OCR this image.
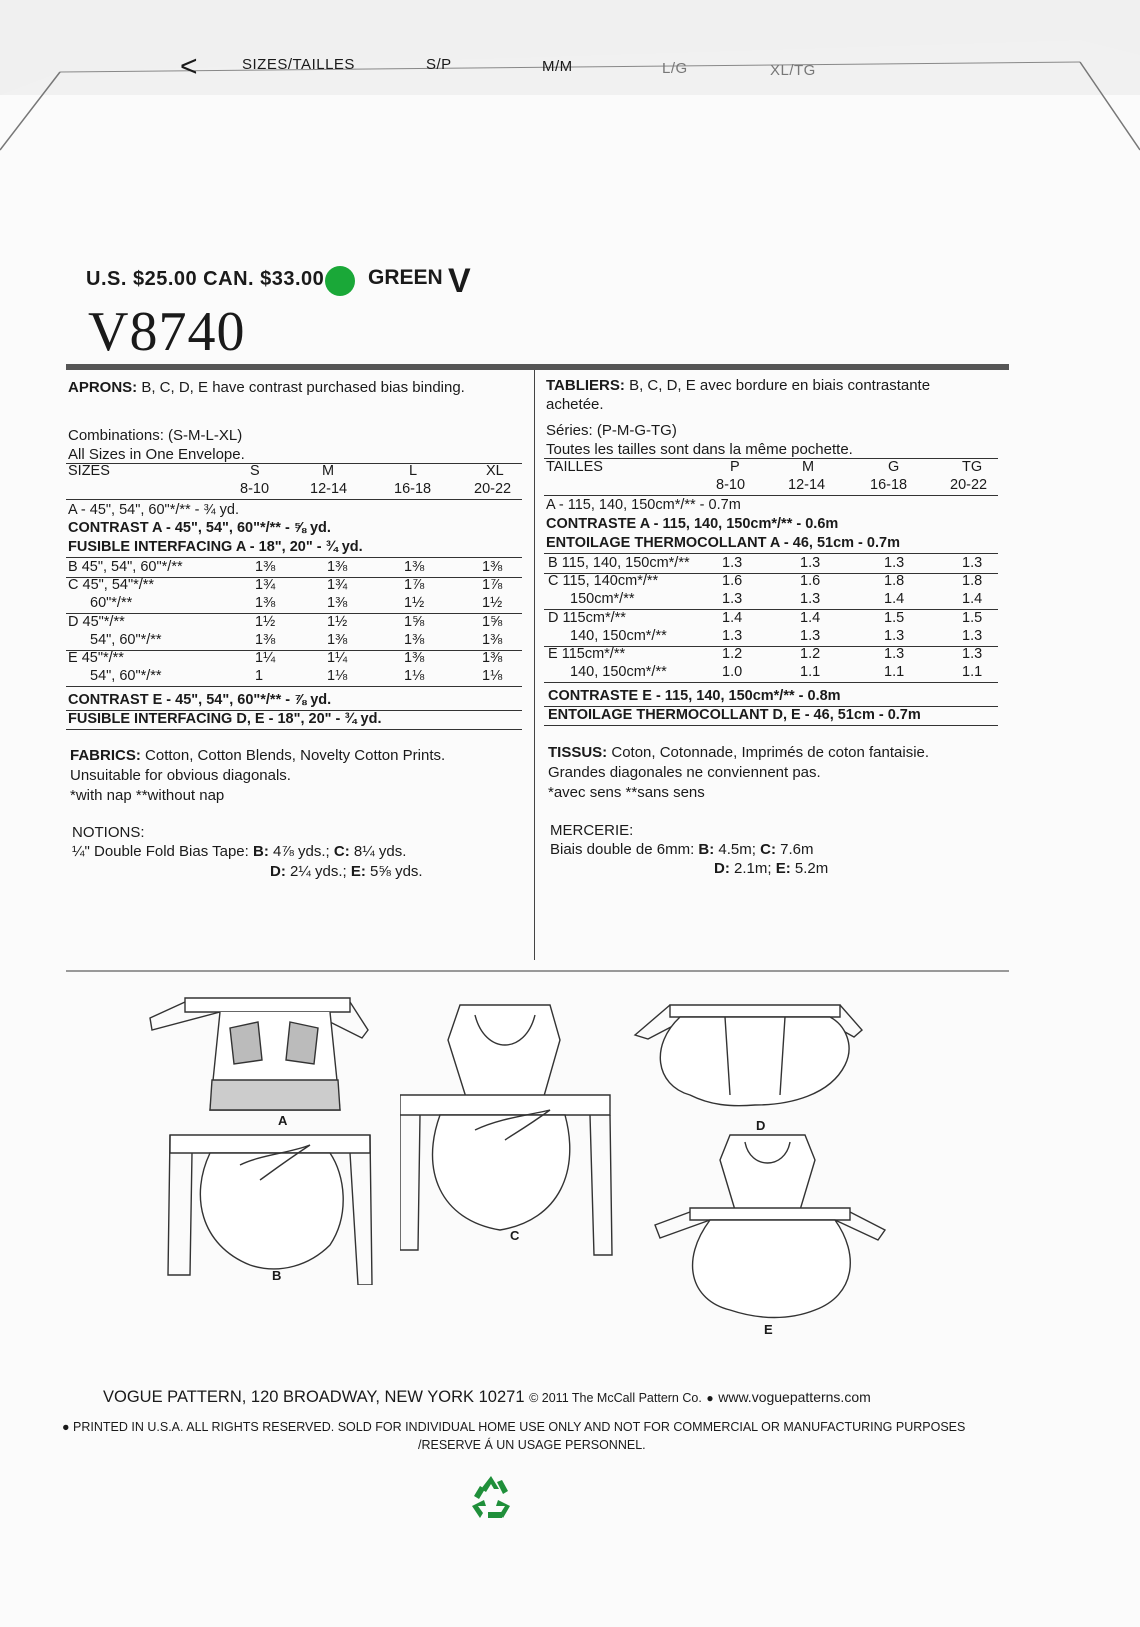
<	SIZES/TAILLES	S/P	M/M	L/G	XL/TG
U.S. $25.00 CAN. $33.00 GREEN V
V8740
APRONS: B, C, D, E have contrast purchased bias binding.
Combinations: (S-M-L-XL)
All Sizes in One Envelope.
SIZES	S	M	L	XL
8-10	12-14	16-18	20-22
A - 45", 54", 60"*/** - ¾ yd.
CONTRAST A - 45", 54", 60"*/** - ⅝ yd.
FUSIBLE INTERFACING A - 18", 20" - ¾ yd.
B 45", 54", 60"*/**	1⅜	1⅜	1⅜	1⅜
C 45", 54"*/**	1¾	1¾	1⅞	1⅞
60"*/**	1⅜	1⅜	1½	1½
D 45"*/**	1½	1½	1⅝	1⅝
54", 60"*/**	1⅜	1⅜	1⅜	1⅜
E 45"*/**	1¼	1¼	1⅜	1⅜
54", 60"*/**	1	1⅛	1⅛	1⅛
CONTRAST E - 45", 54", 60"*/** - ⅞ yd.
FUSIBLE INTERFACING D, E - 18", 20" - ¾ yd.
FABRICS: Cotton, Cotton Blends, Novelty Cotton Prints.
Unsuitable for obvious diagonals.
*with nap **without nap
NOTIONS:
¼" Double Fold Bias Tape: B: 4⅞ yds.; C: 8¼ yds.
D: 2¼ yds.; E: 5⅝ yds.
TABLIERS: B, C, D, E avec bordure en biais contrastante
achetée.
Séries: (P-M-G-TG)
Toutes les tailles sont dans la même pochette.
TAILLES	P	M	G	TG
8-10	12-14	16-18	20-22
A - 115, 140, 150cm*/** - 0.7m
CONTRASTE A - 115, 140, 150cm*/** - 0.6m
ENTOILAGE THERMOCOLLANT A - 46, 51cm - 0.7m
B 115, 140, 150cm*/** 1.3	1.3	1.3	1.3
C 115, 140cm*/**	1.6	1.6	1.8	1.8
150cm*/**	1.3	1.3	1.4	1.4
D 115cm*/**	1.4	1.4	1.5	1.5
140, 150cm*/**	1.3	1.3	1.3	1.3
E 115cm*/**	1.2	1.2	1.3	1.3
140, 150cm*/**	1.0	1.1	1.1	1.1
CONTRASTE E - 115, 140, 150cm*/** - 0.8m
ENTOILAGE THERMOCOLLANT D, E - 46, 51cm - 0.7m
TISSUS: Coton, Cotonnade, Imprimés de coton fantaisie.
Grandes diagonales ne conviennent pas.
*avec sens **sans sens
MERCERIE:
Biais double de 6mm: B: 4.5m; C: 7.6m
D: 2.1m; E: 5.2m
A
B
C
D
E
VOGUE PATTERN, 120 BROADWAY, NEW YORK 10271 © 2011 The McCall Pattern Co. ● www.voguepatterns.com
● PRINTED IN U.S.A. ALL RIGHTS RESERVED. SOLD FOR INDIVIDUAL HOME USE ONLY AND NOT FOR COMMERCIAL OR MANUFACTURING PURPOSES
/RESERVE Á UN USAGE PERSONNEL.
